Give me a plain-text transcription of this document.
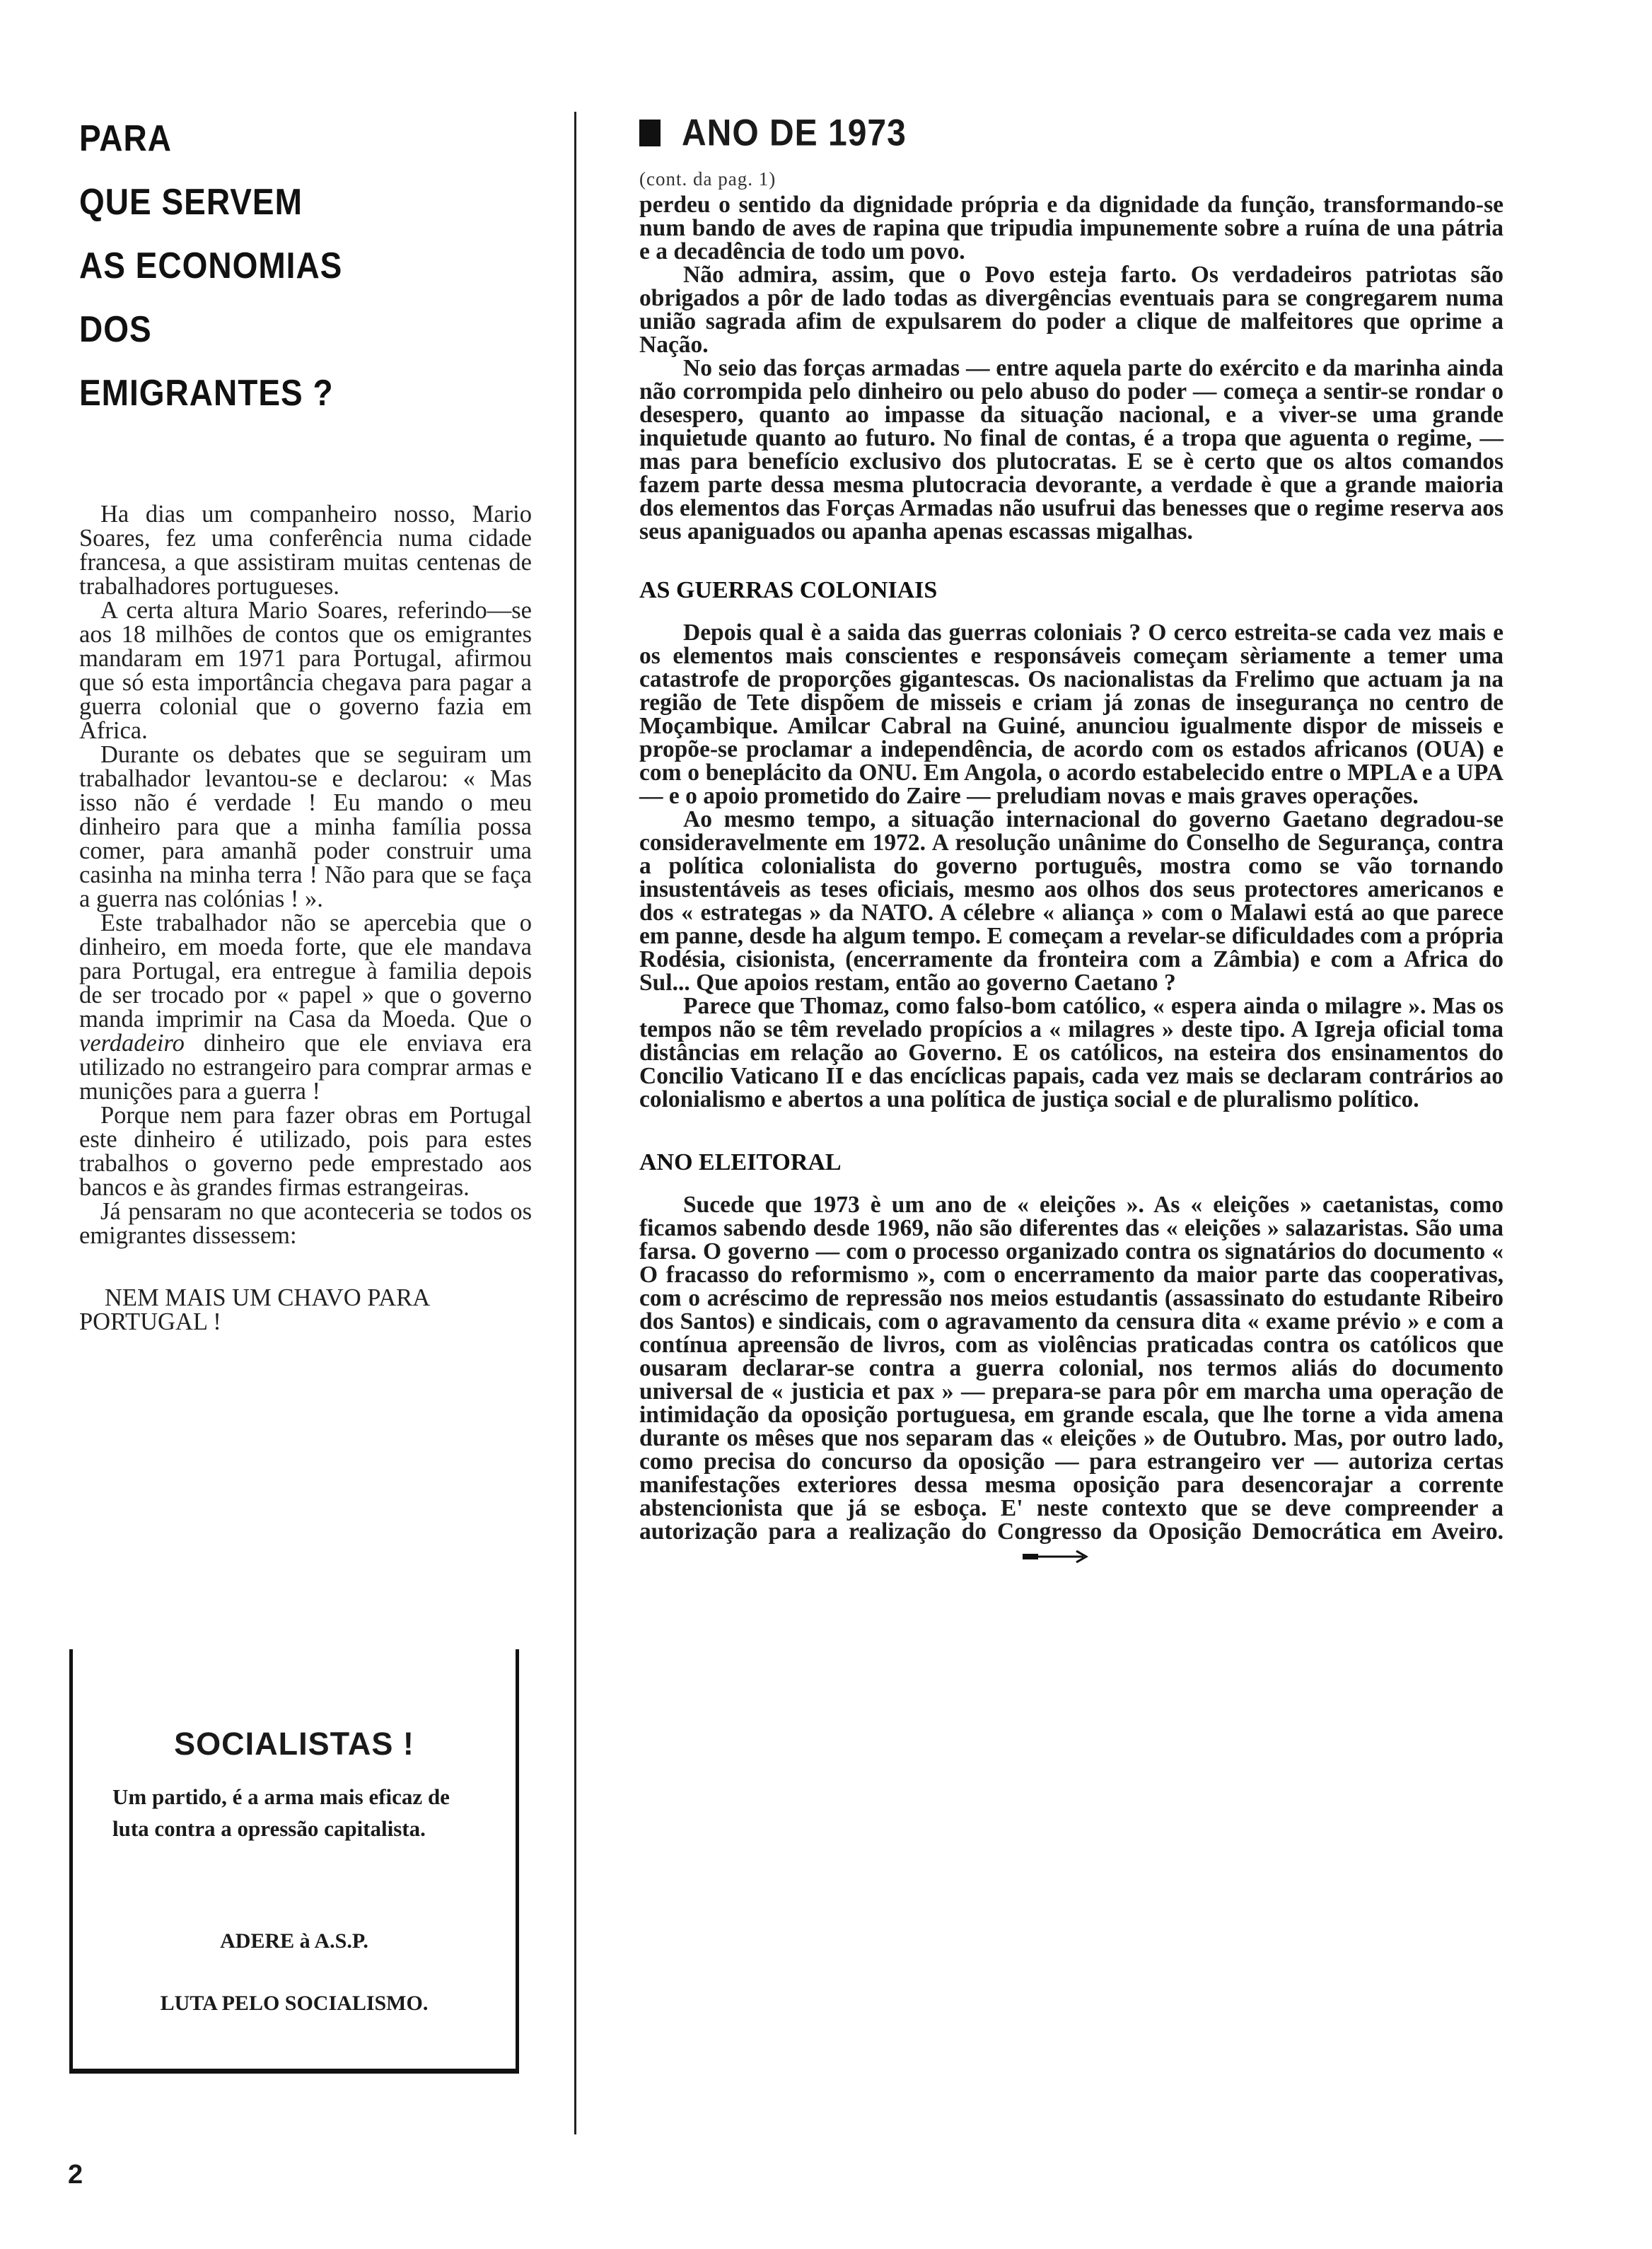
PARA
QUE SERVEM
AS ECONOMIAS
DOS
EMIGRANTES ?

Ha dias um companheiro nosso, Mario Soares, fez uma conferência numa cidade francesa, a que assistiram muitas centenas de trabalhadores portugueses.

A certa altura Mario Soares, referindo—se aos 18 milhões de contos que os emigrantes mandaram em 1971 para Portugal, afirmou que só esta importância chegava para pagar a guerra colonial que o governo fazia em Africa.

Durante os debates que se seguiram um trabalhador levantou-se e declarou: « Mas isso não é verdade ! Eu mando o meu dinheiro para que a minha família possa comer, para amanhã poder construir uma casinha na minha terra ! Não para que se faça a guerra nas colónias ! ».

Este trabalhador não se apercebia que o dinheiro, em moeda forte, que ele mandava para Portugal, era entregue à familia depois de ser trocado por « papel » que o governo manda imprimir na Casa da Moeda. Que o verdadeiro dinheiro que ele enviava era utilizado no estrangeiro para comprar armas e munições para a guerra !

Porque nem para fazer obras em Portugal este dinheiro é utilizado, pois para estes trabalhos o governo pede emprestado aos bancos e às grandes firmas estrangeiras.

Já pensaram no que aconteceria se todos os emigrantes dissessem:

NEM MAIS UM CHAVO PARA PORTUGAL !
SOCIALISTAS !
Um partido, é a arma mais eficaz de luta contra a opressão capitalista.
ADERE à A.S.P.
LUTA PELO SOCIALISMO.
2
ANO DE 1973
(cont. da pag. 1)

perdeu o sentido da dignidade própria e da dignidade da função, transformando-se num bando de aves de rapina que tripudia impunemente sobre a ruína de una pátria e a decadência de todo um povo.

Não admira, assim, que o Povo esteja farto. Os verdadeiros patriotas são obrigados a pôr de lado todas as divergências eventuais para se congregarem numa união sagrada afim de expulsarem do poder a clique de malfeitores que oprime a Nação.

No seio das forças armadas — entre aquela parte do exército e da marinha ainda não corrompida pelo dinheiro ou pelo abuso do poder — começa a sentir-se rondar o desespero, quanto ao impasse da situação nacional, e a viver-se uma grande inquietude quanto ao futuro. No final de contas, é a tropa que aguenta o regime, — mas para benefício exclusivo dos plutocratas. E se è certo que os altos comandos fazem parte dessa mesma plutocracia devorante, a verdade è que a grande maioria dos elementos das Forças Armadas não usufrui das benesses que o regime reserva aos seus apaniguados ou apanha apenas escassas migalhas.

AS GUERRAS COLONIAIS

Depois qual è a saida das guerras coloniais ? O cerco estreita-se cada vez mais e os elementos mais conscientes e responsáveis começam sèriamente a temer uma catastrofe de proporções gigantescas. Os nacionalistas da Frelimo que actuam ja na região de Tete dispõem de misseis e criam já zonas de insegurança no centro de Moçambique. Amilcar Cabral na Guiné, anunciou igualmente dispor de misseis e propõe-se proclamar a independência, de acordo com os estados africanos (OUA) e com o beneplácito da ONU. Em Angola, o acordo estabelecido entre o MPLA e a UPA — e o apoio prometido do Zaire — preludiam novas e mais graves operações.

Ao mesmo tempo, a situação internacional do governo Gaetano degradou-se consideravelmente em 1972. A resolução unânime do Conselho de Segurança, contra a política colonialista do governo português, mostra como se vão tornando insustentáveis as teses oficiais, mesmo aos olhos dos seus protectores americanos e dos « estrategas » da NATO. A célebre « aliança » com o Malawi está ao que parece em panne, desde ha algum tempo. E começam a revelar-se dificuldades com a própria Rodésia, cisionista, (encerramente da fronteira com a Zâmbia) e com a Africa do Sul... Que apoios restam, então ao governo Caetano ?

Parece que Thomaz, como falso-bom católico, « espera ainda o milagre ». Mas os tempos não se têm revelado propícios a « milagres » deste tipo. A Igreja oficial toma distâncias em relação ao Governo. E os católicos, na esteira dos ensinamentos do Concilio Vaticano II e das encíclicas papais, cada vez mais se declaram contrários ao colonialismo e abertos a una política de justiça social e de pluralismo político.

ANO ELEITORAL

Sucede que 1973 è um ano de « eleições ». As « eleições » caetanistas, como ficamos sabendo desde 1969, não são diferentes das « eleições » salazaristas. São uma farsa. O governo — com o processo organizado contra os signatários do documento « O fracasso do reformismo », com o encerramento da maior parte das cooperativas, com o acréscimo de repressão nos meios estudantis (assassinato do estudante Ribeiro dos Santos) e sindicais, com o agravamento da censura dita « exame prévio » e com a contínua apreensão de livros, com as violências praticadas contra os católicos que ousaram declarar-se contra a guerra colonial, nos termos aliás do documento universal de « justicia et pax » — prepara-se para pôr em marcha uma operação de intimidação da oposição portuguesa, em grande escala, que lhe torne a vida amena durante os mêses que nos separam das « eleições » de Outubro. Mas, por outro lado, como precisa do concurso da oposição — para estrangeiro ver — autoriza certas manifestações exteriores dessa mesma oposição para desencorajar a corrente abstencionista que já se esboça. E' neste contexto que se deve compreender a autorização para a realização do Congresso da Oposição Democrática em Aveiro.
